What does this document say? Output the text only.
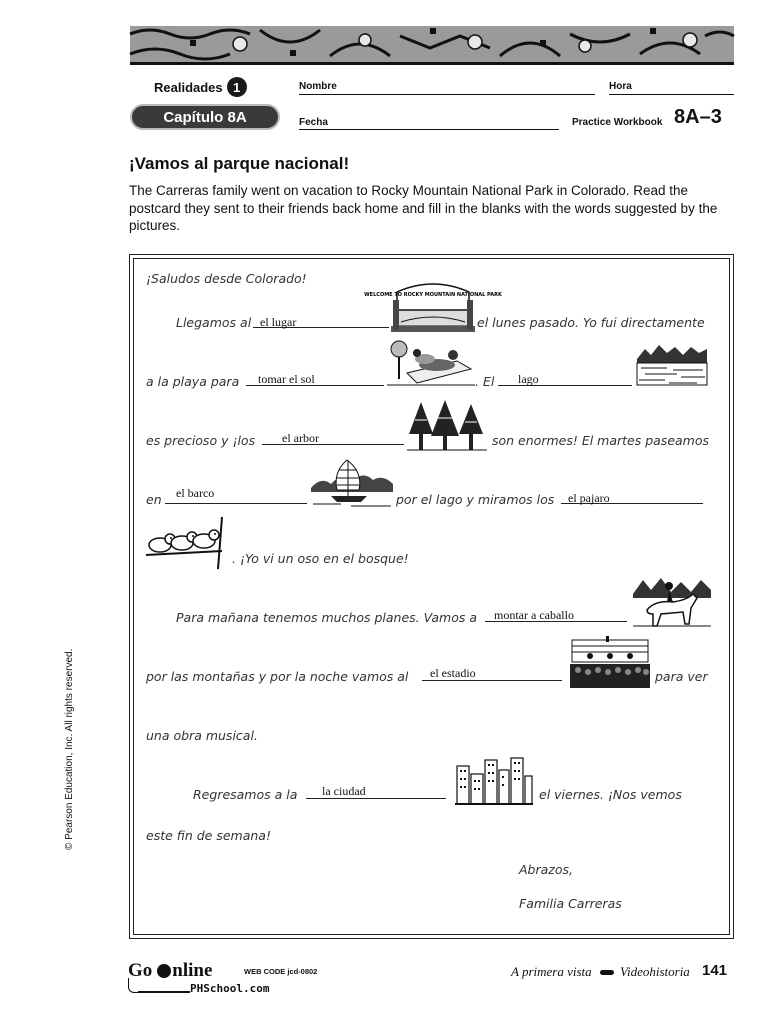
Realidades 1
Capítulo 8A
Nombre	Hora
Fecha	Practice Workbook 8A–3
¡Vamos al parque nacional!
The Carreras family went on vacation to Rocky Mountain National Park in Colorado. Read the postcard they sent to their friends back home and fill in the blanks with the words suggested by the pictures.
¡Saludos desde Colorado!
Llegamos al el lugar
WELCOME TO ROCKY MOUNTAIN NATIONAL PARK
el lunes pasado. Yo fui directamente
a la playa para tomar el sol	. El lago
es precioso y ¡los el arbor	son enormes! El martes paseamos
en el barco	por el lago y miramos los el pajaro
. ¡Yo vi un oso en el bosque!
Para mañana tenemos muchos planes. Vamos a montar a caballo
por las montañas y por la noche vamos al el estadio	para ver
una obra musical.
Regresamos a la la ciudad	el viernes. ¡Nos vemos
este fin de semana!
Abrazos,
Familia Carreras
© Pearson Education, Inc. All rights reserved.
Go nline	WEB CODE jcd-0802
PHSchool.com
A primera vista Videohistoria 141
